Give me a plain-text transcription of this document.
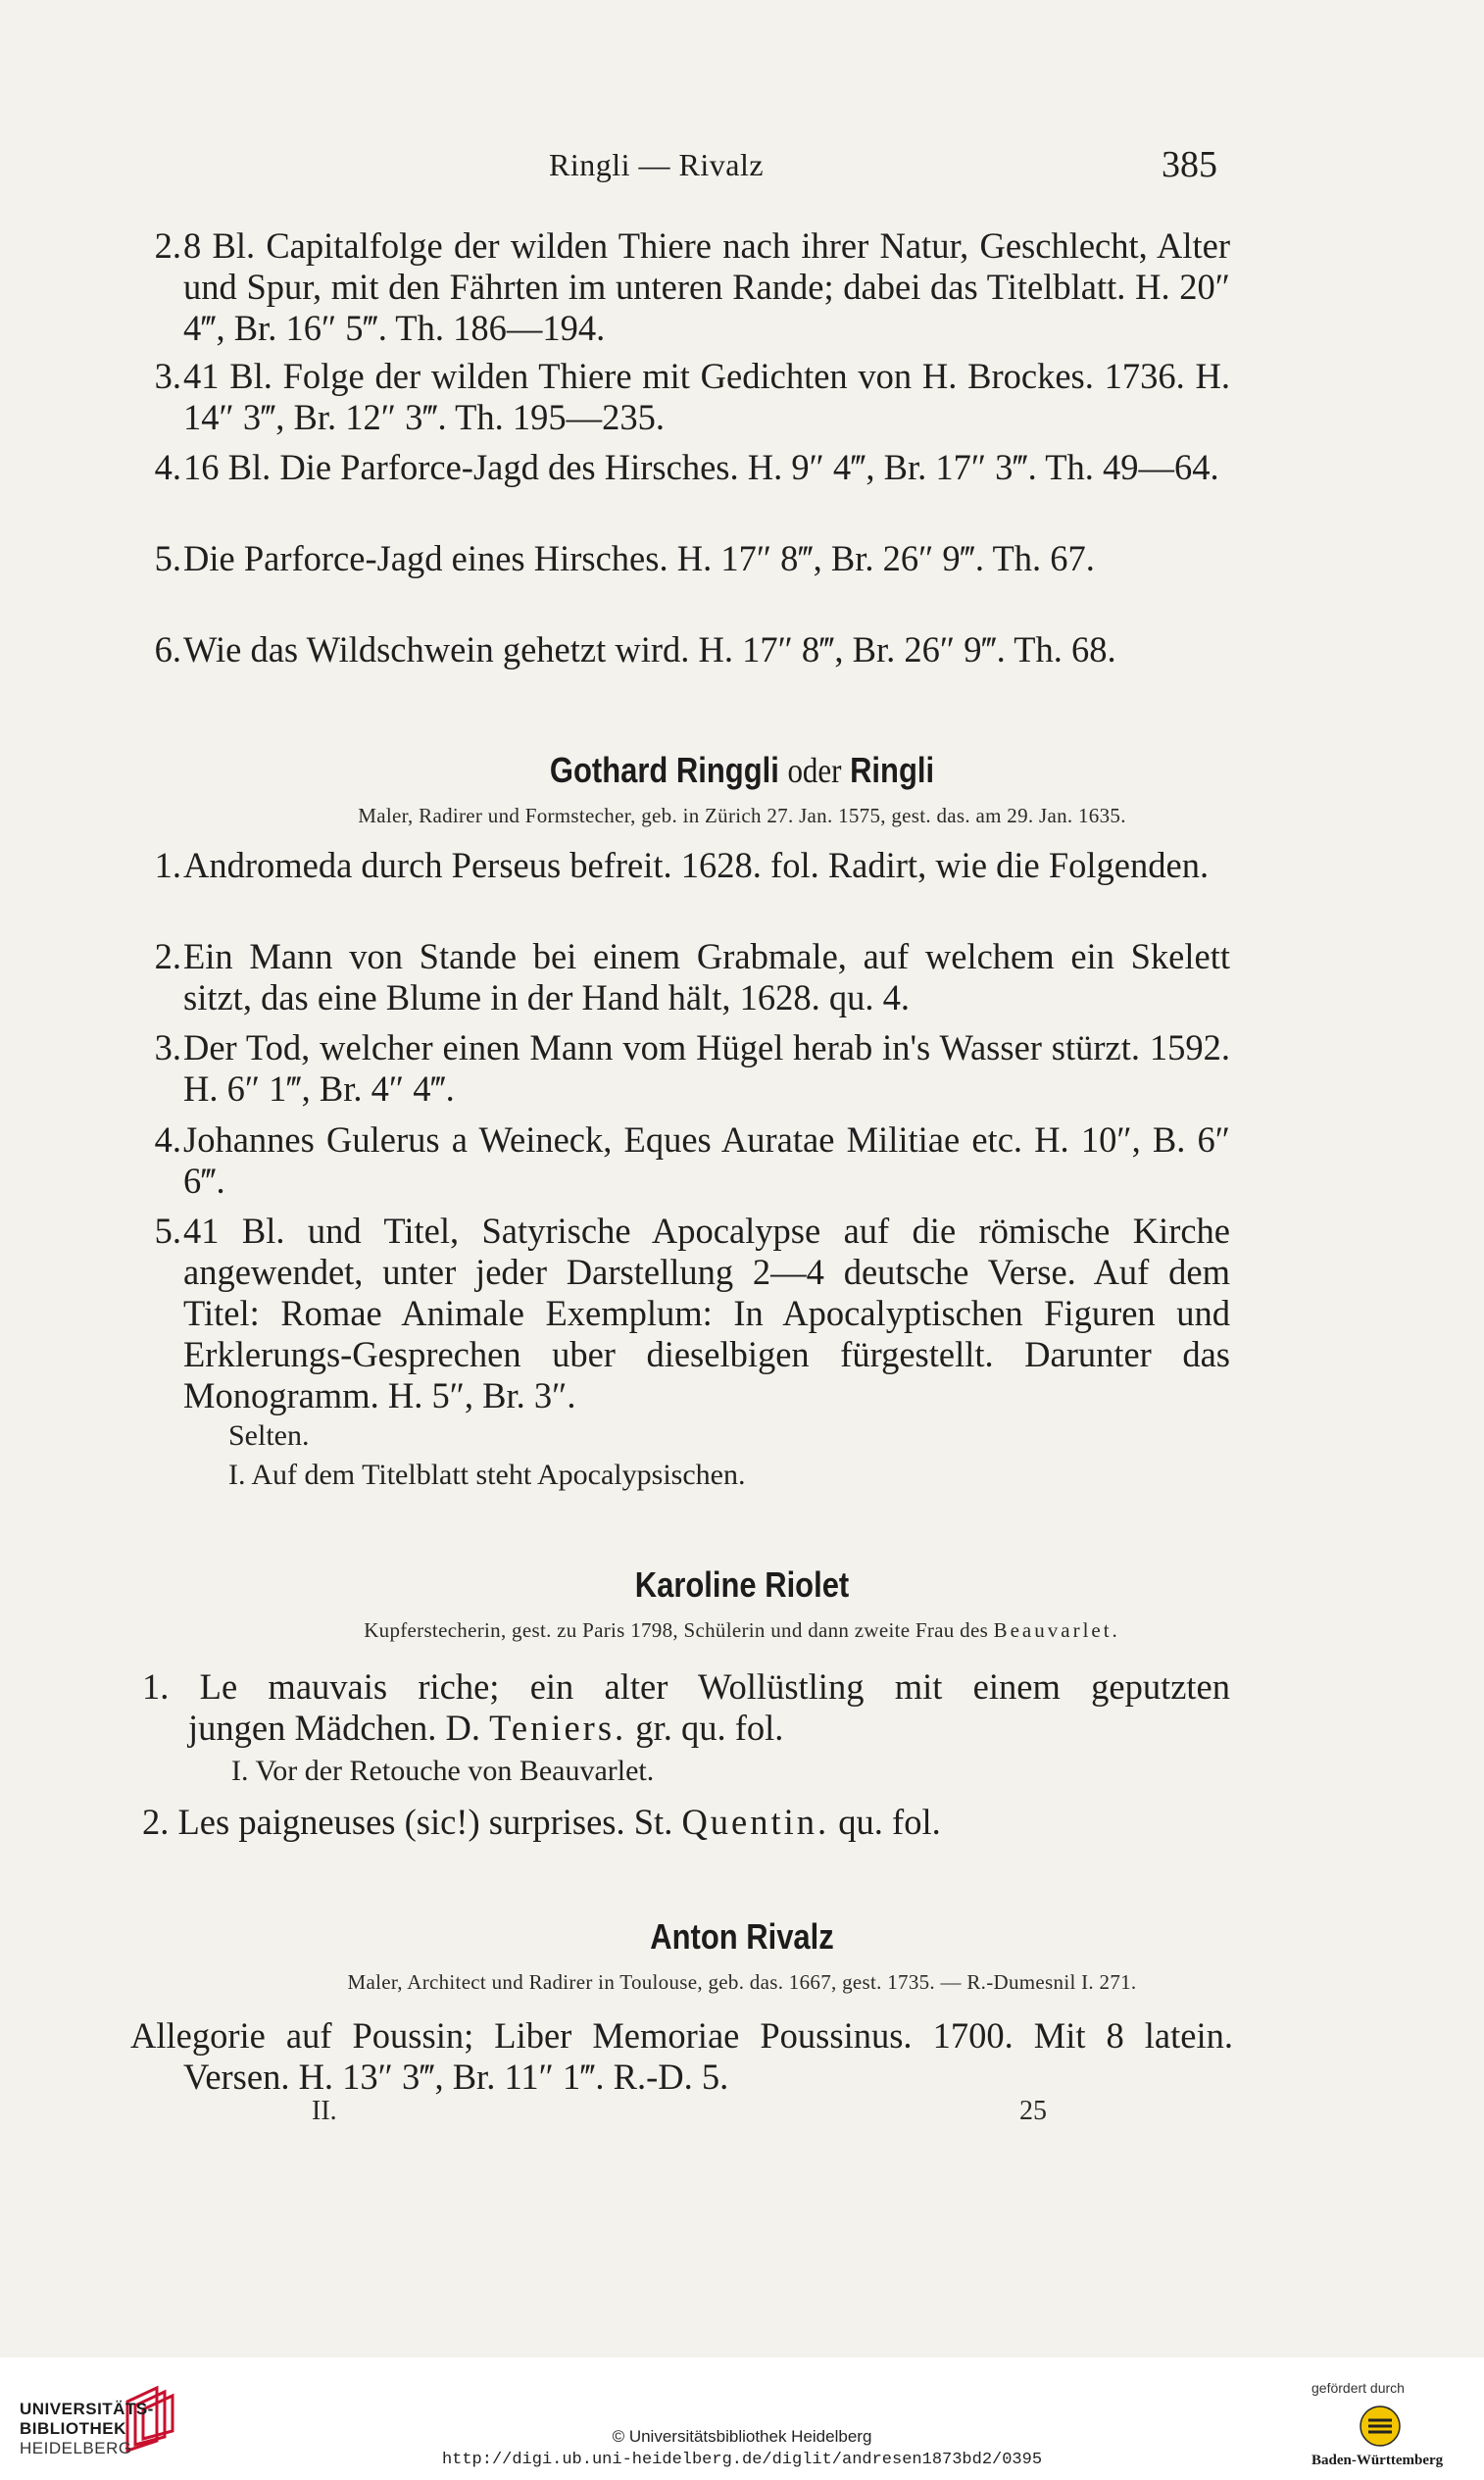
Ringli — Rivalz	385
2. 8 Bl. Capitalfolge der wilden Thiere nach ihrer Natur, Geschlecht, Alter und Spur, mit den Fährten im unteren Rande; dabei das Titelblatt. H. 20″ 4‴, Br. 16″ 5‴. Th. 186—194.
3. 41 Bl. Folge der wilden Thiere mit Gedichten von H. Brockes. 1736. H. 14″ 3‴, Br. 12″ 3‴. Th. 195—235.
4. 16 Bl. Die Parforce-Jagd des Hirsches. H. 9″ 4‴, Br. 17″ 3‴. Th. 49—64.
5. Die Parforce-Jagd eines Hirsches. H. 17″ 8‴, Br. 26″ 9‴. Th. 67.
6. Wie das Wildschwein gehetzt wird. H. 17″ 8‴, Br. 26″ 9‴. Th. 68.
Gothard Ringgli oder Ringli
Maler, Radirer und Formstecher, geb. in Zürich 27. Jan. 1575, gest. das. am 29. Jan. 1635.
1. Andromeda durch Perseus befreit. 1628. fol. Radirt, wie die Folgenden.
2. Ein Mann von Stande bei einem Grabmale, auf welchem ein Skelett sitzt, das eine Blume in der Hand hält, 1628. qu. 4.
3. Der Tod, welcher einen Mann vom Hügel herab in's Wasser stürzt. 1592. H. 6″ 1‴, Br. 4″ 4‴.
4. Johannes Gulerus a Weineck, Eques Auratae Militiae etc. H. 10″, B. 6″ 6‴.
5. 41 Bl. und Titel, Satyrische Apocalypse auf die römische Kirche angewendet, unter jeder Darstellung 2—4 deutsche Verse. Auf dem Titel: Romae Animale Exemplum: In Apocalyptischen Figuren und Erklerungs-Gesprechen uber dieselbigen fürgestellt. Darunter das Monogramm. H. 5″, Br. 3″.
Selten.
I. Auf dem Titelblatt steht Apocalypsischen.
Karoline Riolet
Kupferstecherin, gest. zu Paris 1798, Schülerin und dann zweite Frau des Beauvarlet.
1. Le mauvais riche; ein alter Wollüstling mit einem geputzten
jungen Mädchen. D. Teniers. gr. qu. fol.
I. Vor der Retouche von Beauvarlet.
2. Les paigneuses (sic!) surprises. St. Quentin. qu. fol.
Anton Rivalz
Maler, Architect und Radirer in Toulouse, geb. das. 1667, gest. 1735. — R.-Dumesnil I. 271.
Allegorie auf Poussin; Liber Memoriae Poussinus. 1700. Mit 8 latein.
Versen. H. 13″ 3‴, Br. 11″ 1‴. R.-D. 5.
II.	25
UNIVERSITÄTS-
BIBLIOTHEK
HEIDELBERG
© Universitätsbibliothek Heidelberg
http://digi.ub.uni-heidelberg.de/diglit/andresen1873bd2/0395
gefördert durch
Baden-Württemberg
